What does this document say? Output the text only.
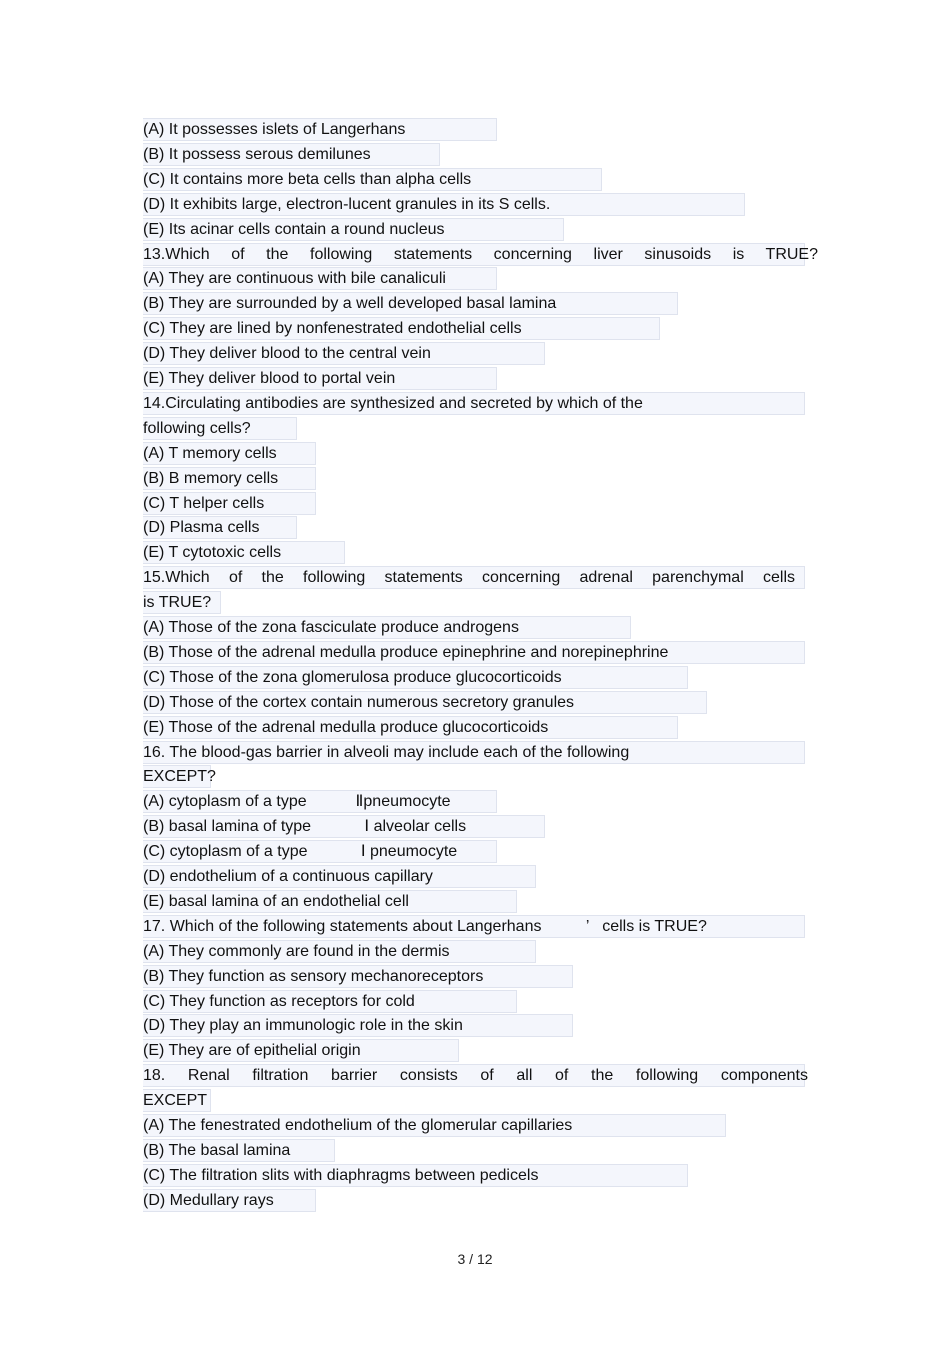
(A) It possesses islets of Langerhans
(B) It possess serous demilunes
(C) It contains more beta cells than alpha cells
(D) It exhibits large, electron-lucent granules in its S cells.
(E) Its acinar cells contain a round nucleus
13.Which of the following statements concerning liver sinusoids is TRUE?
(A) They are continuous with bile canaliculi
(B) They are surrounded by a well developed basal lamina
(C) They are lined by nonfenestrated endothelial cells
(D) They deliver blood to the central vein
(E) They deliver blood to portal vein
14.Circulating antibodies are synthesized and secreted by which of the
following cells?
(A) T memory cells
(B) B memory cells
(C) T helper cells
(D) Plasma cells
(E) T cytotoxic cells
15.Which of the following statements concerning adrenal parenchymal cells
is TRUE?
(A) Those of the zona fasciculate produce androgens
(B) Those of the adrenal medulla produce epinephrine and norepinephrine
(C) Those of the zona glomerulosa produce glucocorticoids
(D) Those of the cortex contain numerous secretory granules
(E) Those of the adrenal medulla produce glucocorticoids
16. The blood-gas barrier in alveoli may include each of the following
EXCEPT?
(A) cytoplasm of a type           Ⅱpneumocyte
(B) basal lamina of type            Ⅰ alveolar cells
(C) cytoplasm of a type            Ⅰ pneumocyte
(D) endothelium of a continuous capillary
(E) basal lamina of an endothelial cell
17. Which of the following statements about Langerhans          ’   cells is TRUE?
(A) They commonly are found in the dermis
(B) They function as sensory mechanoreceptors
(C) They function as receptors for cold
(D) They play an immunologic role in the skin
(E) They are of epithelial origin
18. Renal filtration barrier consists of all of the following components
EXCEPT
(A) The fenestrated endothelium of the glomerular capillaries
(B) The basal lamina
(C) The filtration slits with diaphragms between pedicels
(D) Medullary rays
3 / 12
